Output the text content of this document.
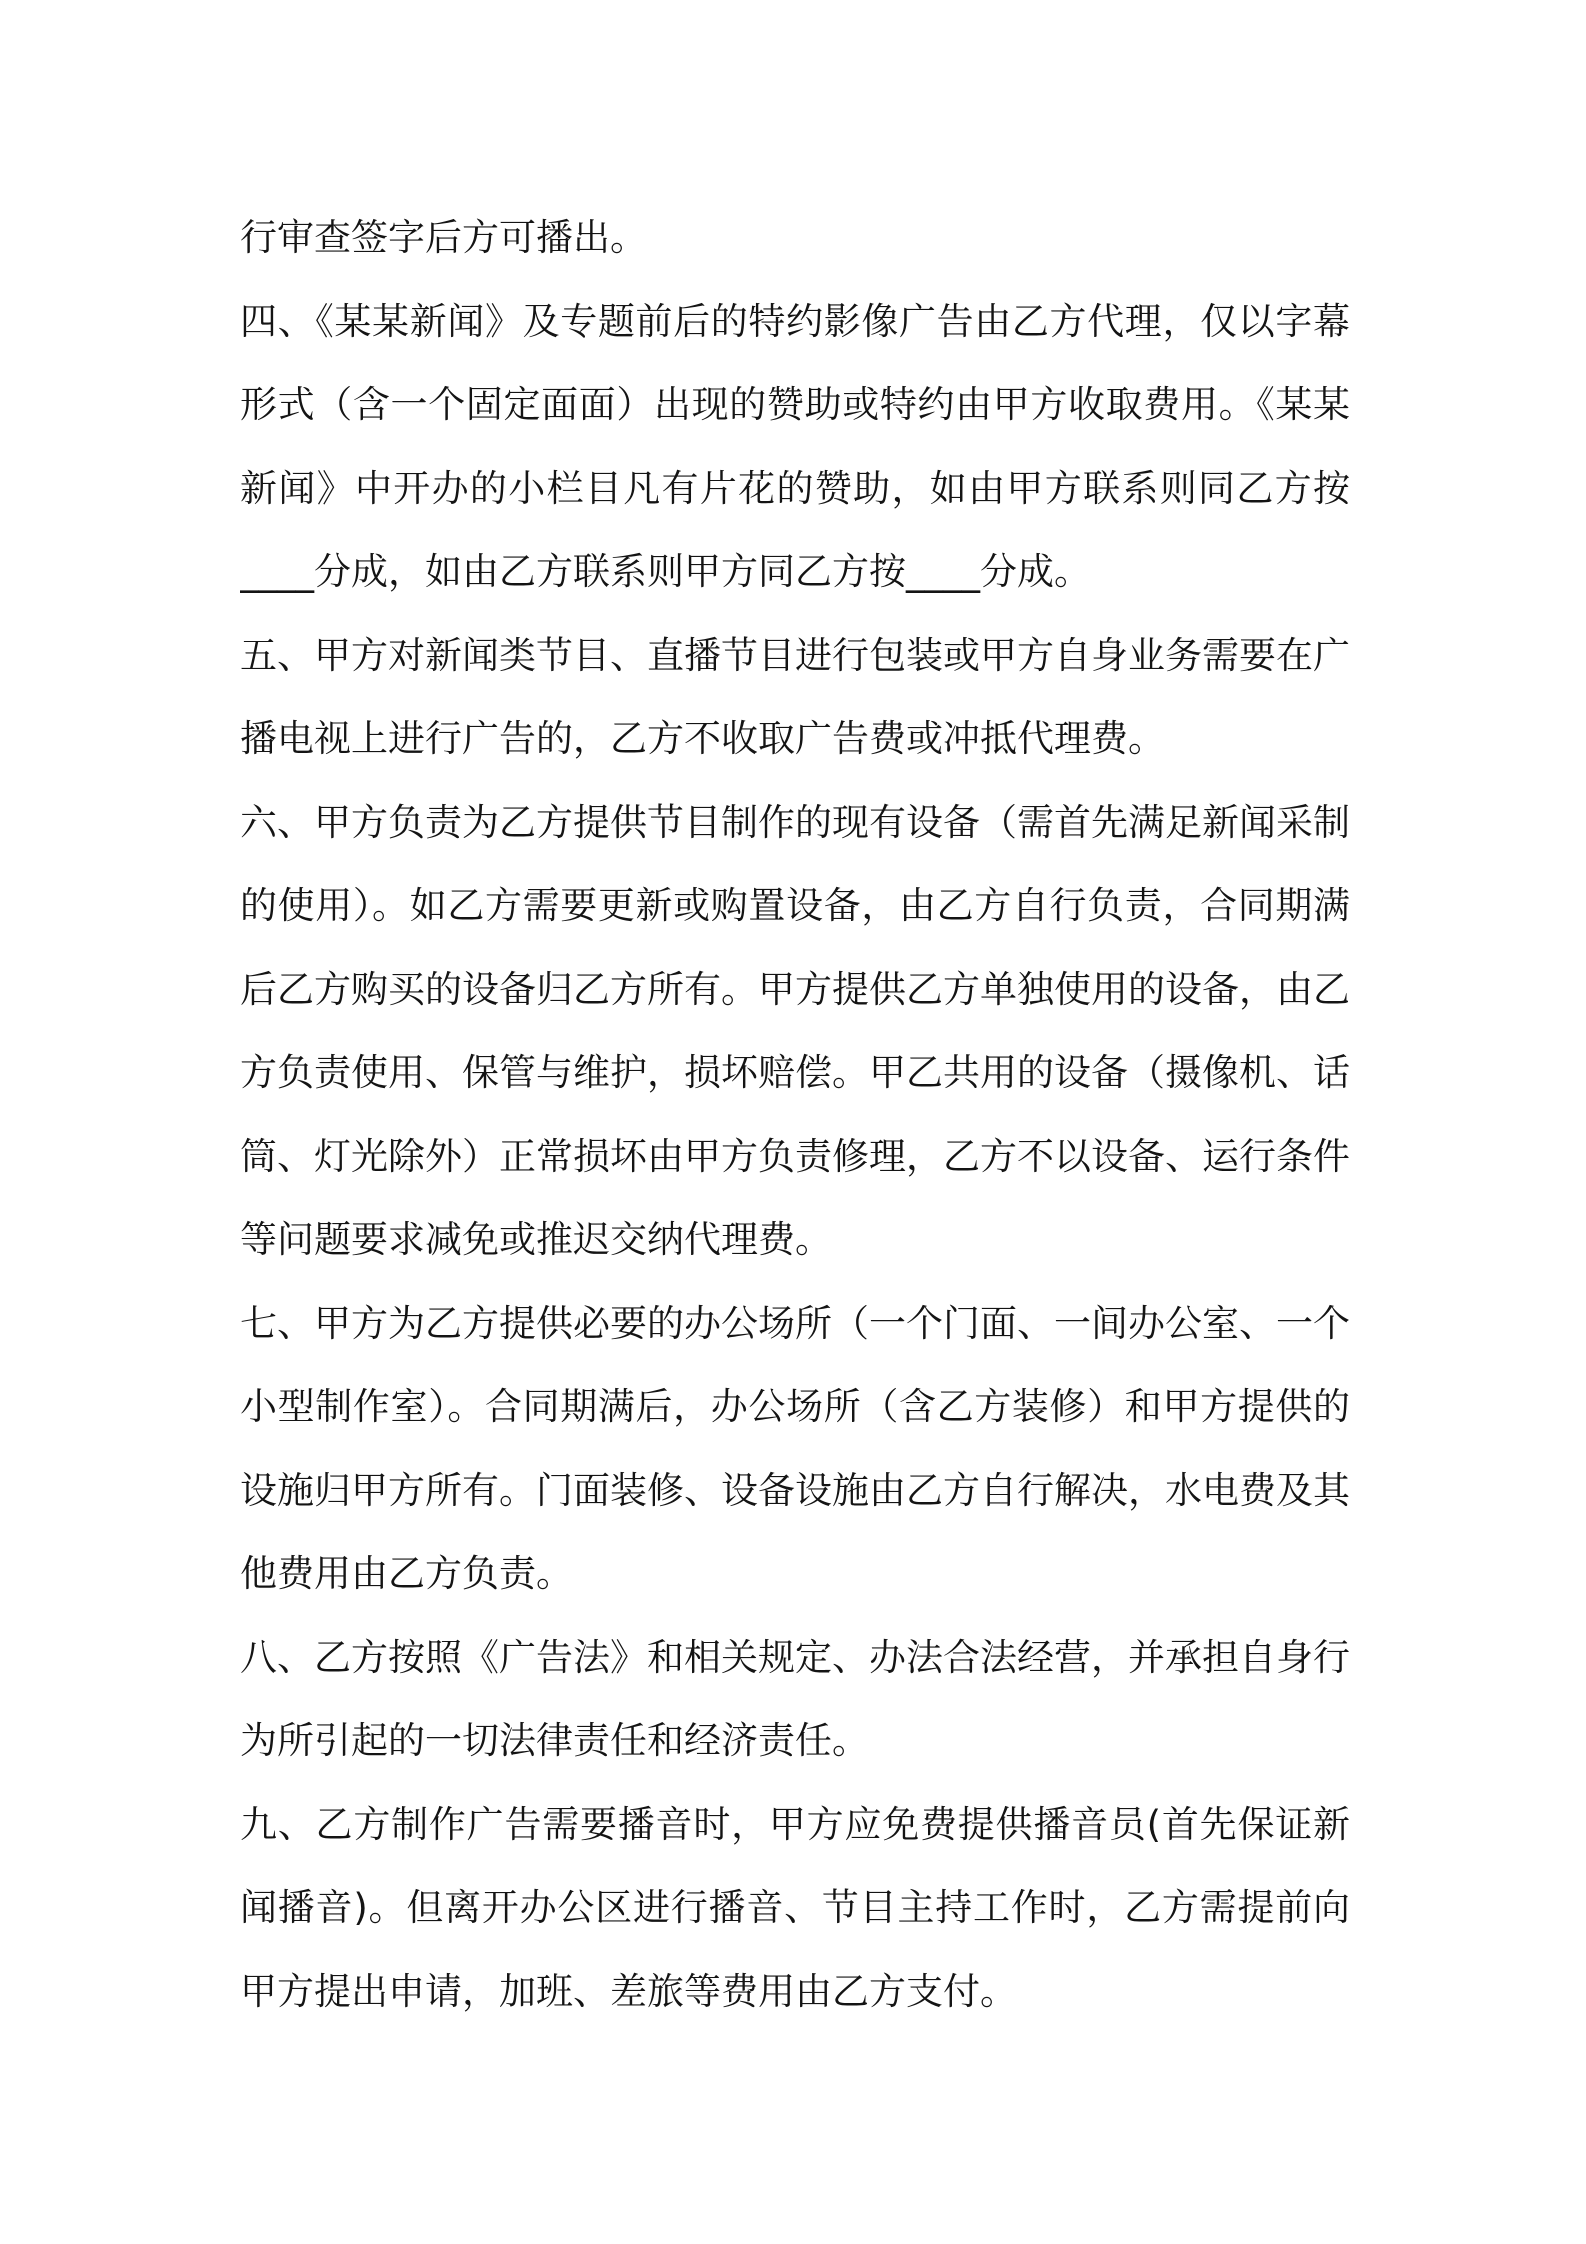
行审查签字后方可播出。
四、《某某新闻》及专题前后的特约影像广告由乙方代理，仅以字幕
形式（含一个固定面面）出现的赞助或特约由甲方收取费用。《某某
新闻》中开办的小栏目凡有片花的赞助，如由甲方联系则同乙方按
____分成，如由乙方联系则甲方同乙方按____分成。
五、甲方对新闻类节目、直播节目进行包装或甲方自身业务需要在广
播电视上进行广告的，乙方不收取广告费或冲抵代理费。
六、甲方负责为乙方提供节目制作的现有设备（需首先满足新闻采制
的使用）。如乙方需要更新或购置设备，由乙方自行负责，合同期满
后乙方购买的设备归乙方所有。甲方提供乙方单独使用的设备，由乙
方负责使用、保管与维护，损坏赔偿。甲乙共用的设备（摄像机、话
筒、灯光除外）正常损坏由甲方负责修理，乙方不以设备、运行条件
等问题要求减免或推迟交纳代理费。
七、甲方为乙方提供必要的办公场所（一个门面、一间办公室、一个
小型制作室）。合同期满后，办公场所（含乙方装修）和甲方提供的
设施归甲方所有。门面装修、设备设施由乙方自行解决，水电费及其
他费用由乙方负责。
八、乙方按照《广告法》和相关规定、办法合法经营，并承担自身行
为所引起的一切法律责任和经济责任。
九、乙方制作广告需要播音时，甲方应免费提供播音员(首先保证新
闻播音)。但离开办公区进行播音、节目主持工作时，乙方需提前向
甲方提出申请，加班、差旅等费用由乙方支付。
